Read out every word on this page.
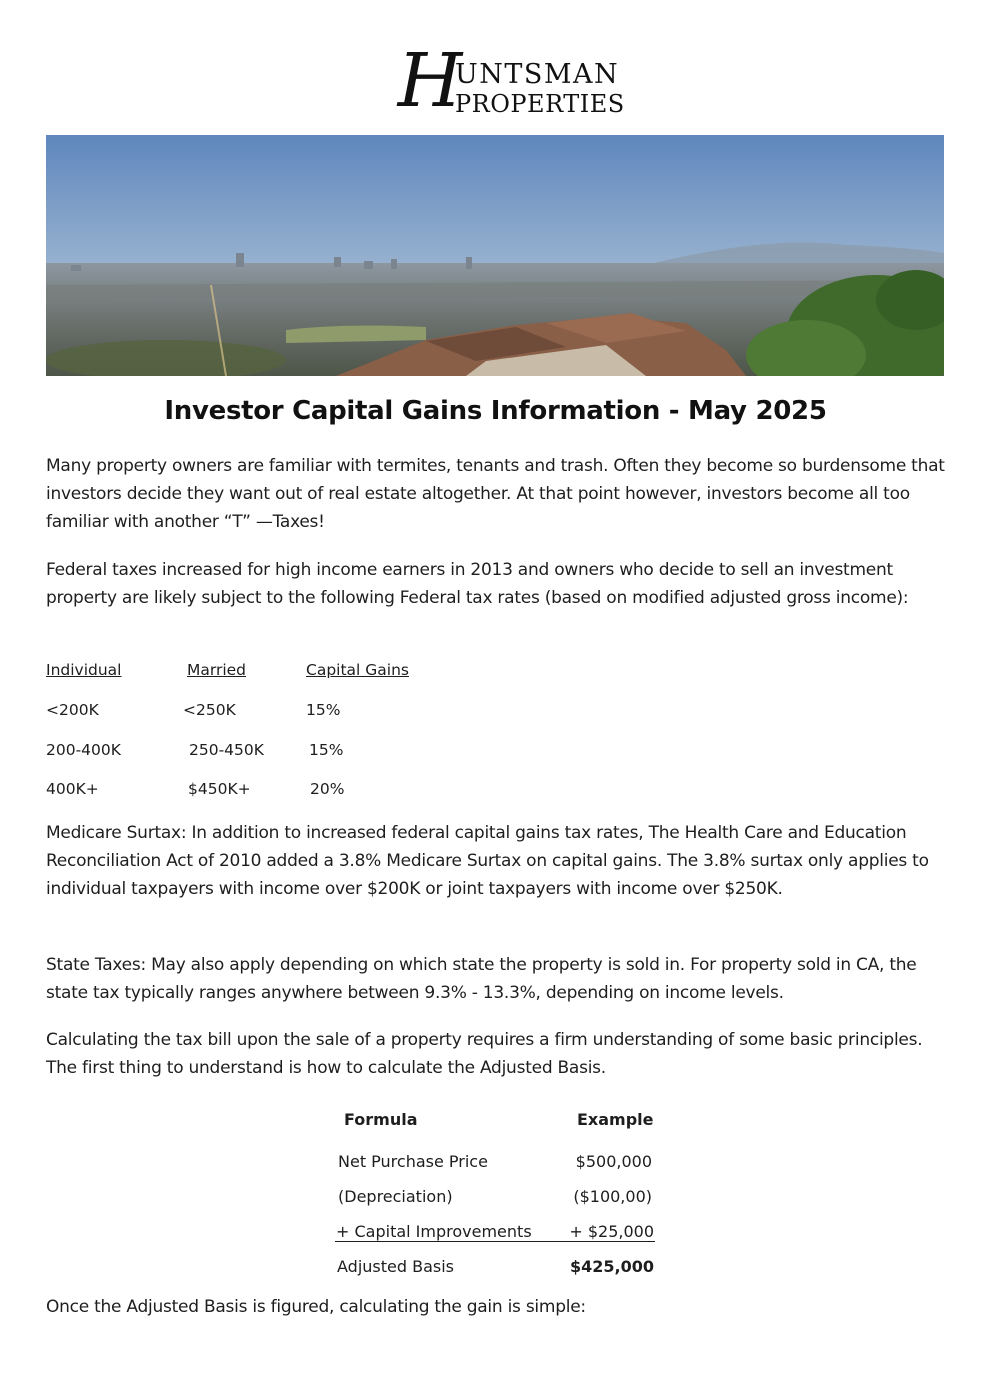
H
UNTSMAN
PROPERTIES
Investor Capital Gains Information - May 2025

Many property owners are familiar with termites, tenants and trash. Often they become so burdensome that investors decide they want out of real estate altogether. At that point however, investors become all too familiar with another “T” —Taxes!

Federal taxes increased for high income earners in 2013 and owners who decide to sell an investment property are likely subject to the following Federal tax rates (based on modified adjusted gross income):

Individual	Married	Capital Gains
<200K	<250K	15%
200-400K	250-450K	15%
400K+	$450K+	20%

Medicare Surtax: In addition to increased federal capital gains tax rates, The Health Care and Education Reconciliation Act of 2010 added a 3.8% Medicare Surtax on capital gains. The 3.8% surtax only applies to individual taxpayers with income over $200K or joint taxpayers with income over $250K.

State Taxes: May also apply depending on which state the property is sold in. For property sold in CA, the state tax typically ranges anywhere between 9.3% - 13.3%, depending on income levels.

Calculating the tax bill upon the sale of a property requires a firm understanding of some basic principles. The first thing to understand is how to calculate the Adjusted Basis.

Formula	Example
Net Purchase Price	$500,000
(Depreciation)	($100,00)
+ Capital Improvements	+ $25,000
Adjusted Basis	$425,000

Once the Adjusted Basis is figured, calculating the gain is simple:
